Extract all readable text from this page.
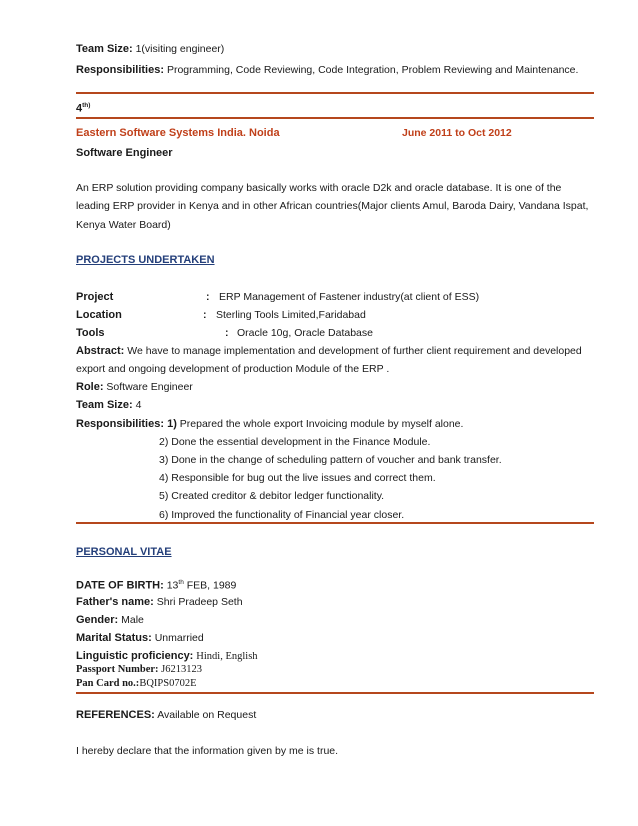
Team Size: 1(visiting engineer)
Responsibilities: Programming, Code Reviewing, Code Integration, Problem Reviewing and Maintenance.
$4^{th)}$
Eastern Software Systems India. Noida	June 2011 to Oct 2012
Software Engineer
An ERP solution providing company basically works with oracle D2k and oracle database. It is one of the
leading ERP provider in Kenya and in other African countries(Major clients Amul, Baroda Dairy, Vandana Ispat,
Kenya Water Board)
PROJECTS UNDERTAKEN
Project	: ERP Management of Fastener industry(at client of ESS)
Location	: Sterling Tools Limited,Faridabad
Tools	: Oracle 10g, Oracle Database
Abstract: We have to manage implementation and development of further client requirement and developed
export and ongoing development of production Module of the ERP .
Role: Software Engineer
Team Size: 4
Responsibilities: 1) Prepared the whole export Invoicing module by myself alone.
2) Done the essential development in the Finance Module.
3) Done in the change of scheduling pattern of voucher and bank transfer.
4) Responsible for bug out the live issues and correct them.
5) Created creditor & debitor ledger functionality.
6) Improved the functionality of Financial year closer.
PERSONAL VITAE
DATE OF BIRTH: 13th FEB, 1989
Father's name: Shri Pradeep Seth
Gender: Male
Marital Status: Unmarried
Linguistic proficiency: Hindi, English
Passport Number: J6213123
Pan Card no.:BQIPS0702E
REFERENCES: Available on Request
I hereby declare that the information given by me is true.
